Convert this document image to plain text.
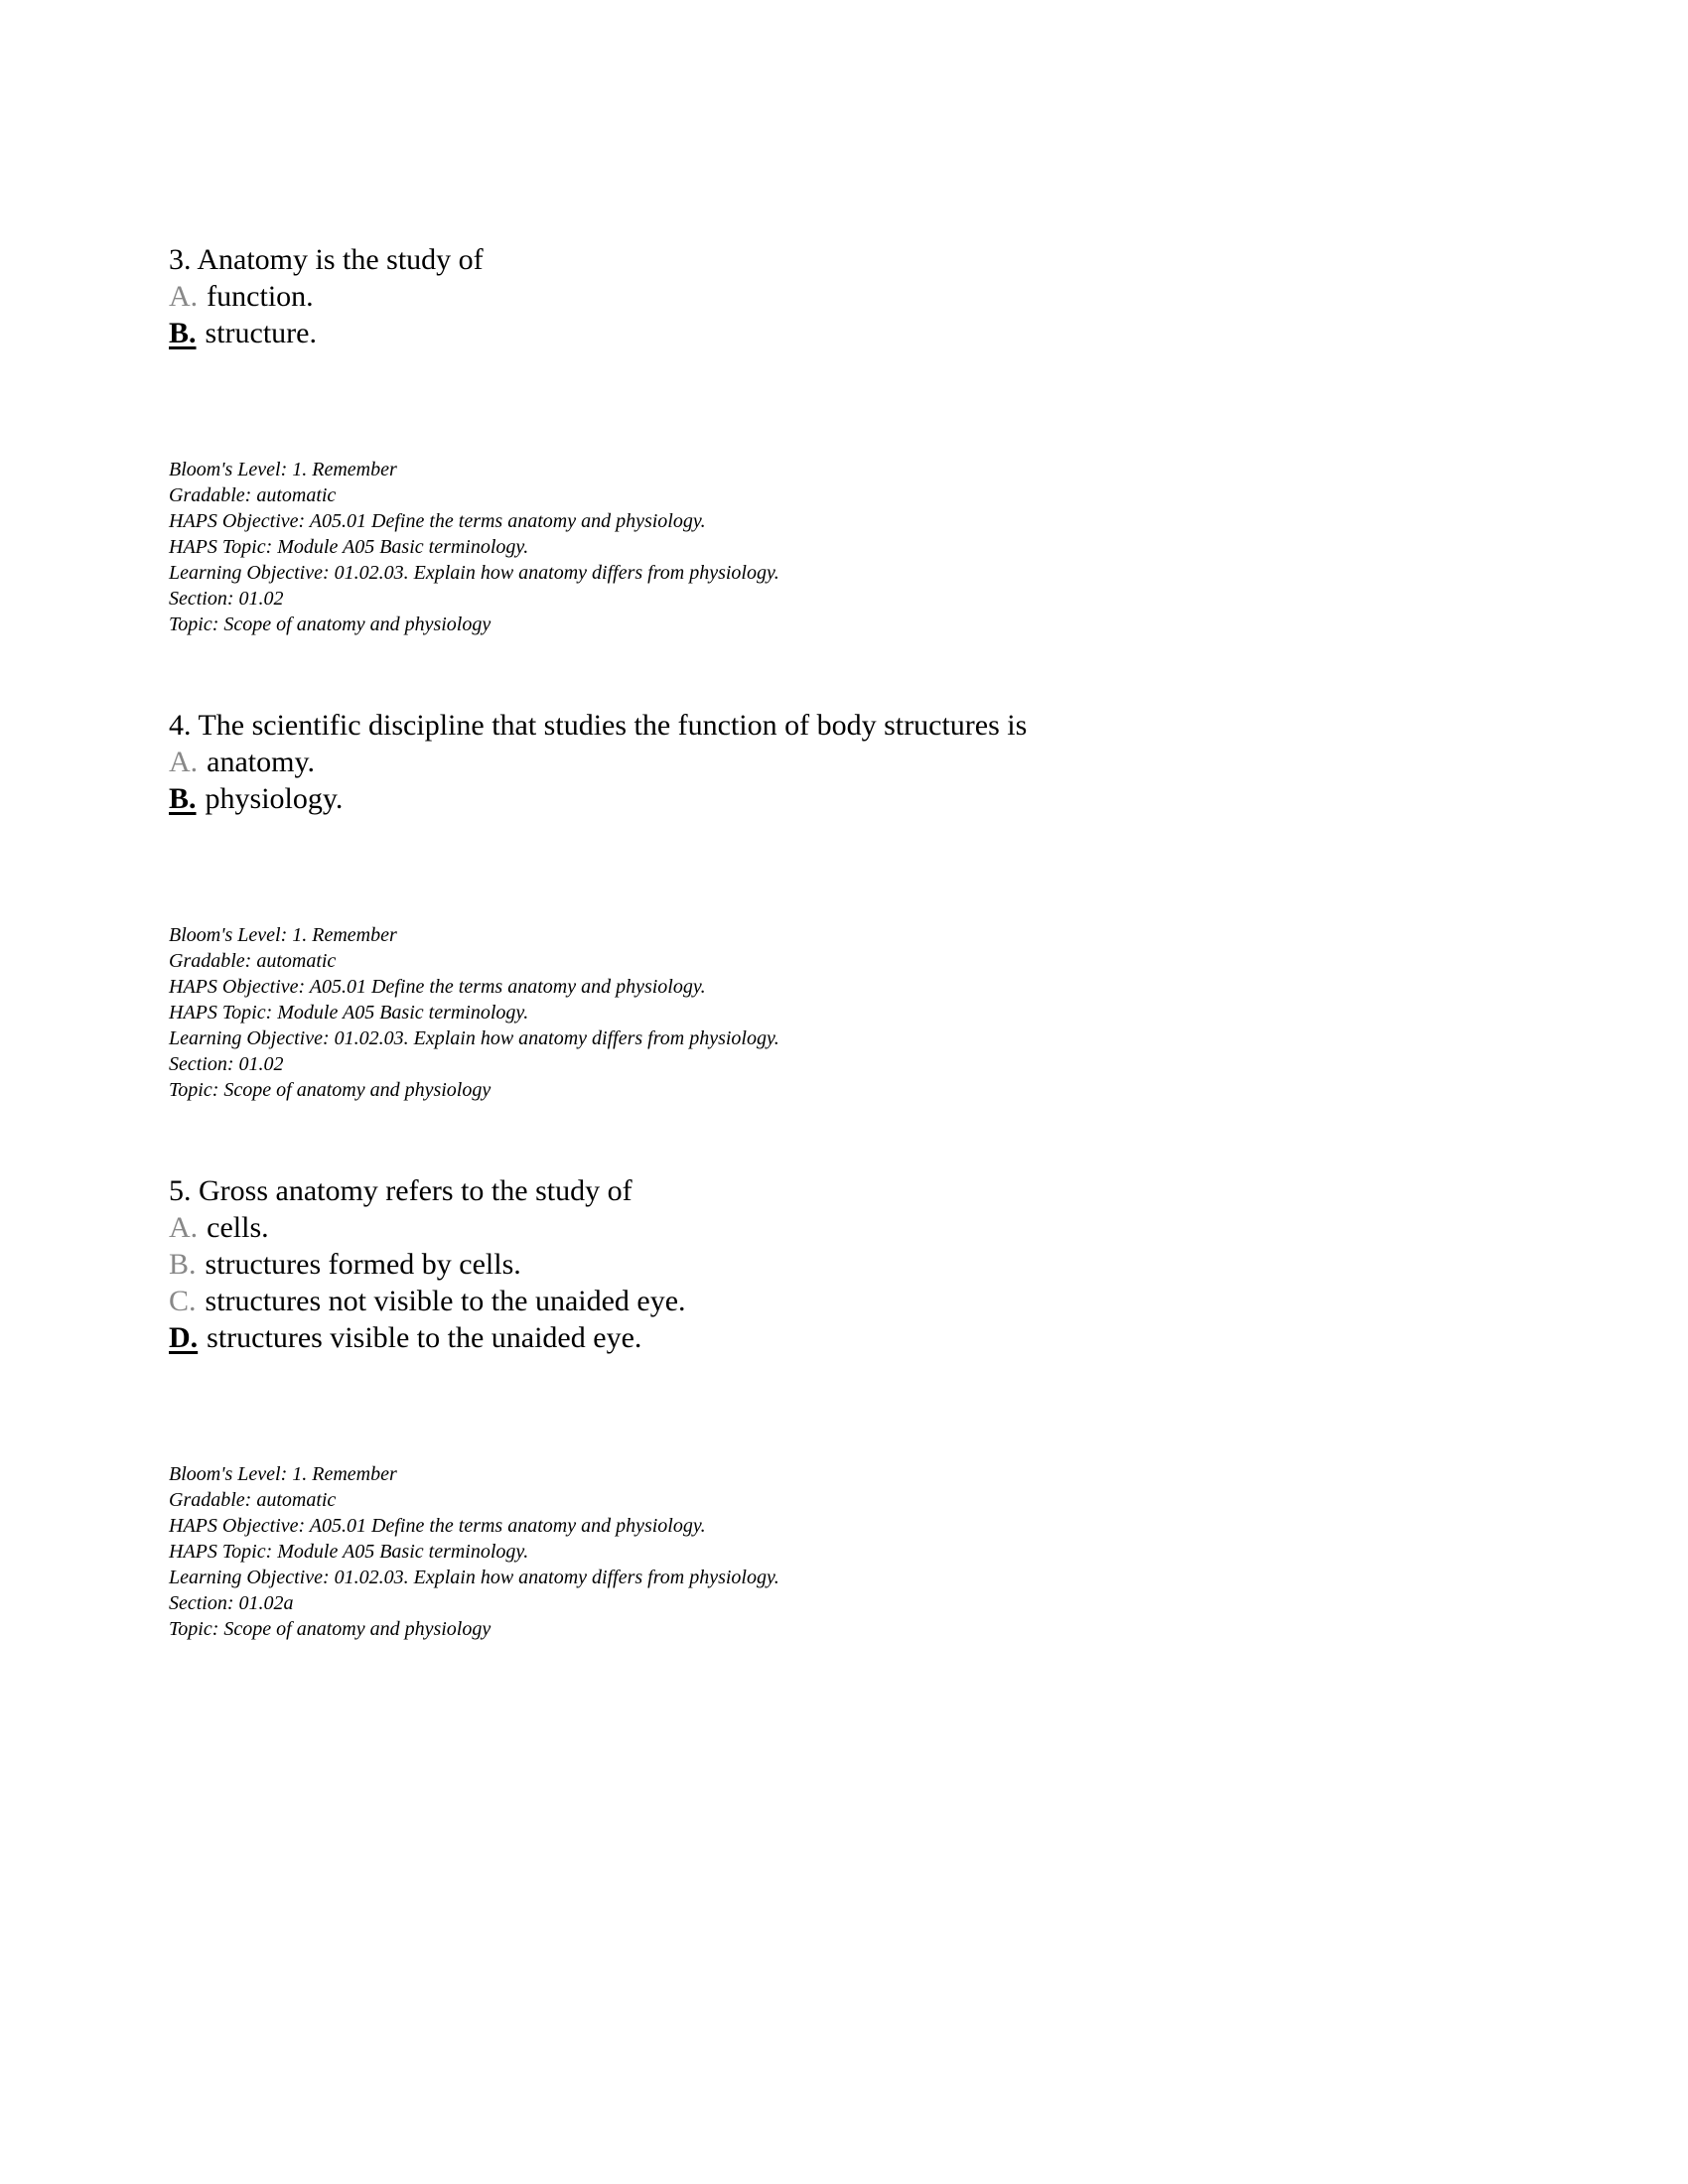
3. Anatomy is the study of

A. function.

B. structure.

Bloom's Level: 1. Remember

Gradable: automatic

HAPS Objective: A05.01 Define the terms anatomy and physiology.

HAPS Topic: Module A05 Basic terminology.

Learning Objective: 01.02.03. Explain how anatomy differs from physiology.

Section: 01.02

Topic: Scope of anatomy and physiology

4. The scientific discipline that studies the function of body structures is

A. anatomy.

B. physiology.

Bloom's Level: 1. Remember

Gradable: automatic

HAPS Objective: A05.01 Define the terms anatomy and physiology.

HAPS Topic: Module A05 Basic terminology.

Learning Objective: 01.02.03. Explain how anatomy differs from physiology.

Section: 01.02

Topic: Scope of anatomy and physiology

5. Gross anatomy refers to the study of

A. cells.

B. structures formed by cells.

C. structures not visible to the unaided eye.

D. structures visible to the unaided eye.

Bloom's Level: 1. Remember

Gradable: automatic

HAPS Objective: A05.01 Define the terms anatomy and physiology.

HAPS Topic: Module A05 Basic terminology.

Learning Objective: 01.02.03. Explain how anatomy differs from physiology.

Section: 01.02a

Topic: Scope of anatomy and physiology
